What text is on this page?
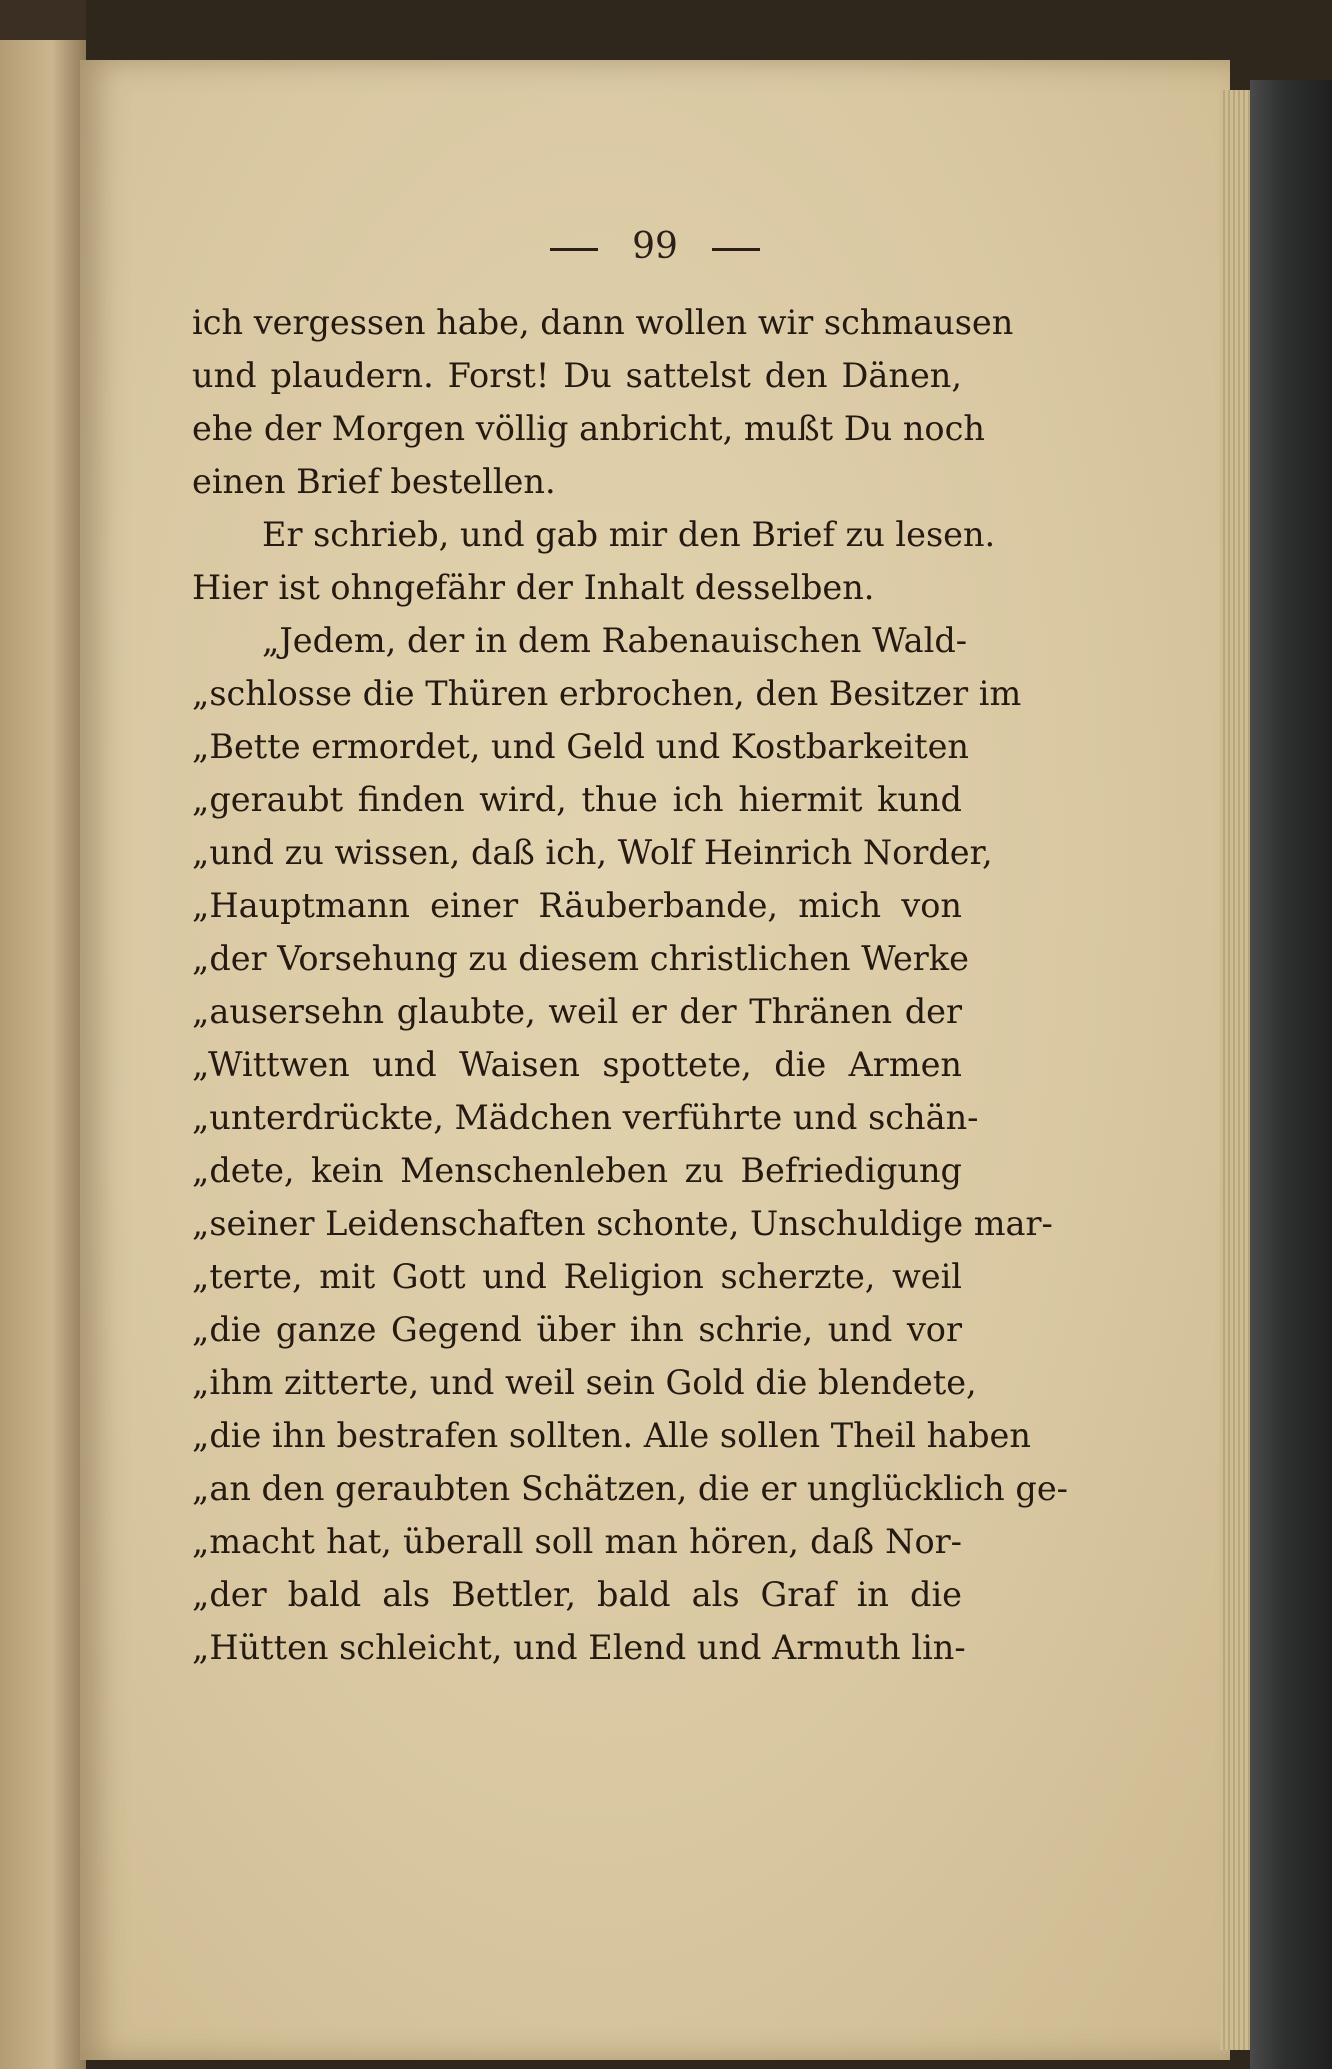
99
ich vergessen habe, dann wollen wir schmausen
und plaudern. Forst! Du sattelst den Dänen,
ehe der Morgen völlig anbricht, mußt Du noch
einen Brief bestellen.
Er schrieb, und gab mir den Brief zu lesen.
Hier ist ohngefähr der Inhalt desselben.
„Jedem, der in dem Rabenauischen Wald-
„schlosse die Thüren erbrochen, den Besitzer im
„Bette ermordet, und Geld und Kostbarkeiten
„geraubt finden wird, thue ich hiermit kund
„und zu wissen, daß ich, Wolf Heinrich Norder,
„Hauptmann einer Räuberbande, mich von
„der Vorsehung zu diesem christlichen Werke
„ausersehn glaubte, weil er der Thränen der
„Wittwen und Waisen spottete, die Armen
„unterdrückte, Mädchen verführte und schän-
„dete, kein Menschenleben zu Befriedigung
„seiner Leidenschaften schonte, Unschuldige mar-
„terte, mit Gott und Religion scherzte, weil
„die ganze Gegend über ihn schrie, und vor
„ihm zitterte, und weil sein Gold die blendete,
„die ihn bestrafen sollten. Alle sollen Theil haben
„an den geraubten Schätzen, die er unglücklich ge-
„macht hat, überall soll man hören, daß Nor-
„der bald als Bettler, bald als Graf in die
„Hütten schleicht, und Elend und Armuth lin-
